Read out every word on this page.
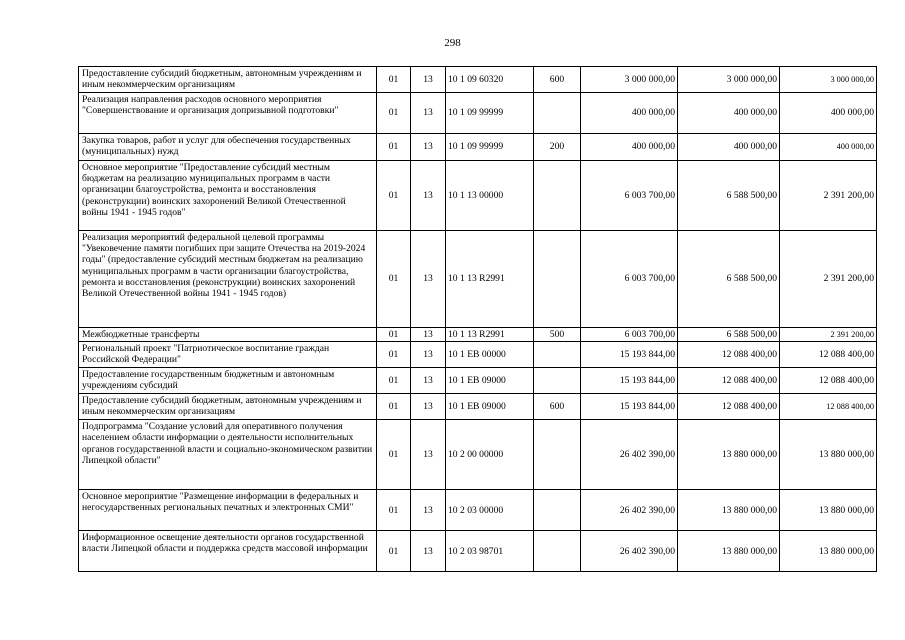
298
Предоставление субсидий бюджетным, автономным учреждениям и иным некоммерческим организациям	01	13	10 1 09 60320	600	3 000 000,00	3 000 000,00	3 000 000,00
Реализация направления расходов основного мероприятия "Совершенствование и организация допризывной подготовки"	01	13	10 1 09 99999		400 000,00	400 000,00	400 000,00
Закупка товаров, работ и услуг для обеспечения государственных (муниципальных) нужд	01	13	10 1 09 99999	200	400 000,00	400 000,00	400 000,00
Основное мероприятие "Предоставление субсидий местным бюджетам на реализацию муниципальных программ в части организации благоустройства, ремонта и восстановления (реконструкции) воинских захоронений Великой Отечественной войны 1941 - 1945 годов"	01	13	10 1 13 00000		6 003 700,00	6 588 500,00	2 391 200,00
Реализация мероприятий федеральной целевой программы "Увековечение памяти погибших при защите Отечества на 2019-2024 годы" (предоставление субсидий местным бюджетам на реализацию муниципальных программ в части организации благоустройства, ремонта и восстановления (реконструкции) воинских захоронений Великой Отечественной войны 1941 - 1945 годов)	01	13	10 1 13 R2991		6 003 700,00	6 588 500,00	2 391 200,00
Межбюджетные трансферты	01	13	10 1 13 R2991	500	6 003 700,00	6 588 500,00	2 391 200,00
Региональный проект "Патриотическое воспитание граждан Российской Федерации"	01	13	10 1 ЕВ 00000		15 193 844,00	12 088 400,00	12 088 400,00
Предоставление государственным бюджетным и автономным учреждениям субсидий	01	13	10 1 ЕВ 09000		15 193 844,00	12 088 400,00	12 088 400,00
Предоставление субсидий бюджетным, автономным учреждениям и иным некоммерческим организациям	01	13	10 1 ЕВ 09000	600	15 193 844,00	12 088 400,00	12 088 400,00
Подпрограмма "Создание условий для оперативного получения населением области информации о деятельности исполнительных органов государственной власти и социально-экономическом развитии Липецкой области"	01	13	10 2 00 00000		26 402 390,00	13 880 000,00	13 880 000,00
Основное мероприятие "Размещение информации в федеральных и негосударственных региональных печатных и электронных СМИ"	01	13	10 2 03 00000		26 402 390,00	13 880 000,00	13 880 000,00
Информационное освещение деятельности органов государственной власти Липецкой области и поддержка средств массовой информации	01	13	10 2 03 98701		26 402 390,00	13 880 000,00	13 880 000,00
